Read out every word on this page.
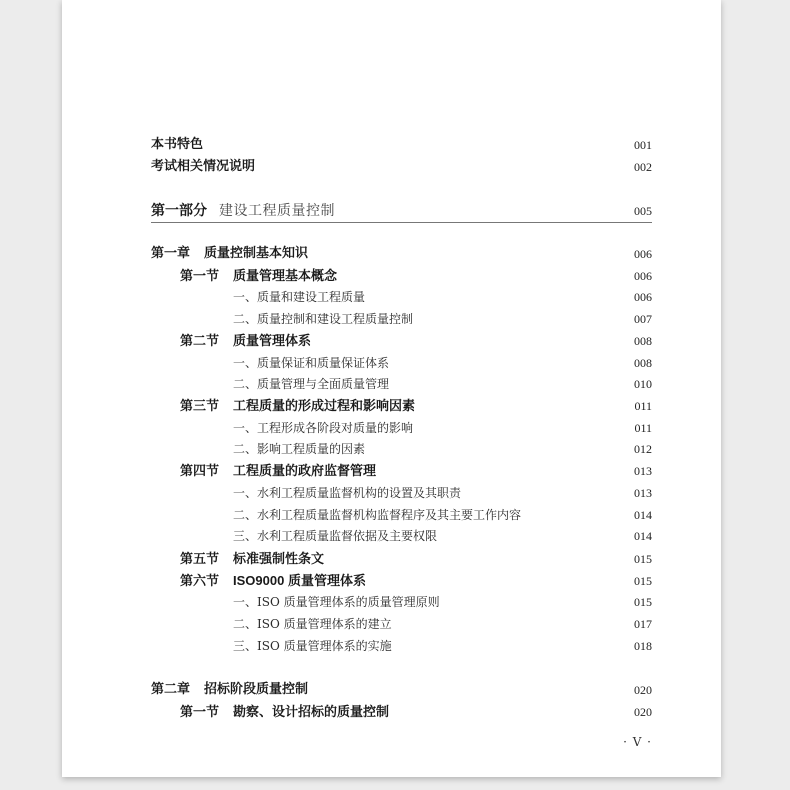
本书特色	001
考试相关情况说明	002
第一部分 建设工程质量控制	005
第一章 质量控制基本知识	006
第一节 质量管理基本概念	006
一、质量和建设工程质量	006
二、质量控制和建设工程质量控制	007
第二节 质量管理体系	008
一、质量保证和质量保证体系	008
二、质量管理与全面质量管理	010
第三节 工程质量的形成过程和影响因素	011
一、工程形成各阶段对质量的影响	011
二、影响工程质量的因素	012
第四节 工程质量的政府监督管理	013
一、水利工程质量监督机构的设置及其职责	013
二、水利工程质量监督机构监督程序及其主要工作内容	014
三、水利工程质量监督依据及主要权限	014
第五节 标准强制性条文	015
第六节 ISO9000 质量管理体系	015
一、ISO 质量管理体系的质量管理原则	015
二、ISO 质量管理体系的建立	017
三、ISO 质量管理体系的实施	018
第二章 招标阶段质量控制	020
第一节 勘察、设计招标的质量控制	020
· V ·
